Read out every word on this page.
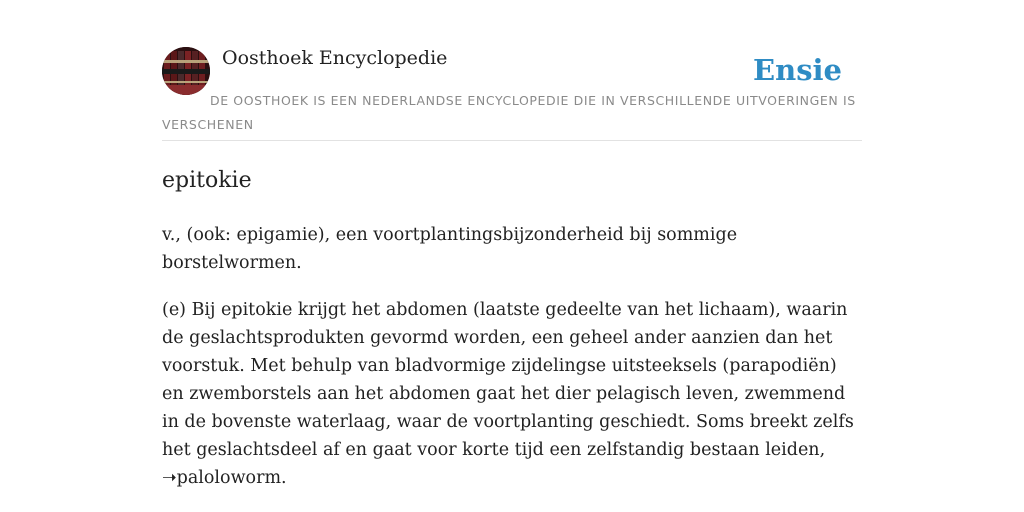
Oosthoek Encyclopedie	Ensie
DE OOSTHOEK IS EEN NEDERLANDSE ENCYCLOPEDIE DIE IN VERSCHILLENDE UITVOERINGEN IS VERSCHENEN
epitokie

v., (ook: epigamie), een voortplantingsbijzonderheid bij sommige borstelwormen.

(e) Bij epitokie krijgt het abdomen (laatste gedeelte van het lichaam), waarin de geslachtsprodukten gevormd worden, een geheel ander aanzien dan het voorstuk. Met behulp van bladvormige zijdelingse uitsteeksels (parapodiën) en zwemborstels aan het abdomen gaat het dier pelagisch leven, zwemmend in de bovenste waterlaag, waar de voortplanting geschiedt. Soms breekt zelfs het geslachtsdeel af en gaat voor korte tijd een zelfstandig bestaan leiden, ➝paloloworm.
